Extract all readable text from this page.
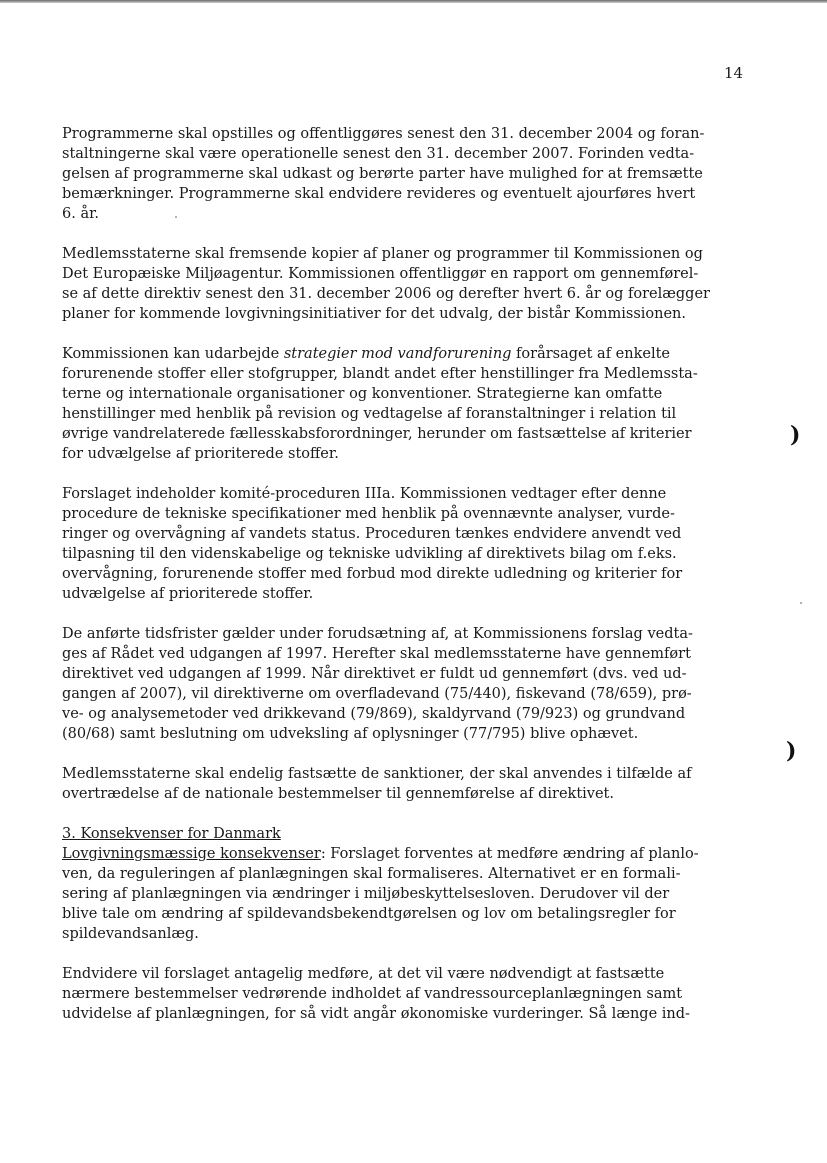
14

Programmerne skal opstilles og offentliggøres senest den 31. december 2004 og foran-
staltningerne skal være operationelle senest den 31. december 2007. Forinden vedta-
gelsen af programmerne skal udkast og berørte parter have mulighed for at fremsætte
bemærkninger. Programmerne skal endvidere revideres og eventuelt ajourføres hvert
6. år.

Medlemsstaterne skal fremsende kopier af planer og programmer til Kommissionen og
Det Europæiske Miljøagentur. Kommissionen offentliggør en rapport om gennemførel-
se af dette direktiv senest den 31. december 2006 og derefter hvert 6. år og forelægger
planer for kommende lovgivningsinitiativer for det udvalg, der bistår Kommissionen.

Kommissionen kan udarbejde strategier mod vandforurening forårsaget af enkelte
forurenende stoffer eller stofgrupper, blandt andet efter henstillinger fra Medlemssta-
terne og internationale organisationer og konventioner. Strategierne kan omfatte
henstillinger med henblik på revision og vedtagelse af foranstaltninger i relation til
øvrige vandrelaterede fællesskabsforordninger, herunder om fastsættelse af kriterier
for udvælgelse af prioriterede stoffer.

Forslaget indeholder komité-proceduren IIIa. Kommissionen vedtager efter denne
procedure de tekniske specifikationer med henblik på ovennævnte analyser, vurde-
ringer og overvågning af vandets status. Proceduren tænkes endvidere anvendt ved
tilpasning til den videnskabelige og tekniske udvikling af direktivets bilag om f.eks.
overvågning, forurenende stoffer med forbud mod direkte udledning og kriterier for
udvælgelse af prioriterede stoffer.

De anførte tidsfrister gælder under forudsætning af, at Kommissionens forslag vedta-
ges af Rådet ved udgangen af 1997. Herefter skal medlemsstaterne have gennemført
direktivet ved udgangen af 1999. Når direktivet er fuldt ud gennemført (dvs. ved ud-
gangen af 2007), vil direktiverne om overfladevand (75/440), fiskevand (78/659), prø-
ve- og analysemetoder ved drikkevand (79/869), skaldyrvand (79/923) og grundvand
(80/68) samt beslutning om udveksling af oplysninger (77/795) blive ophævet.

Medlemsstaterne skal endelig fastsætte de sanktioner, der skal anvendes i tilfælde af
overtrædelse af de nationale bestemmelser til gennemførelse af direktivet.

3. Konsekvenser for Danmark
Lovgivningsmæssige konsekvenser: Forslaget forventes at medføre ændring af planlo-
ven, da reguleringen af planlægningen skal formaliseres. Alternativet er en formali-
sering af planlægningen via ændringer i miljøbeskyttelsesloven. Derudover vil der
blive tale om ændring af spildevandsbekendtgørelsen og lov om betalingsregler for
spildevandsanlæg.

Endvidere vil forslaget antagelig medføre, at det vil være nødvendigt at fastsætte
nærmere bestemmelser vedrørende indholdet af vandressourceplanlægningen samt
udvidelse af planlægningen, for så vidt angår økonomiske vurderinger. Så længe ind-

)
)
